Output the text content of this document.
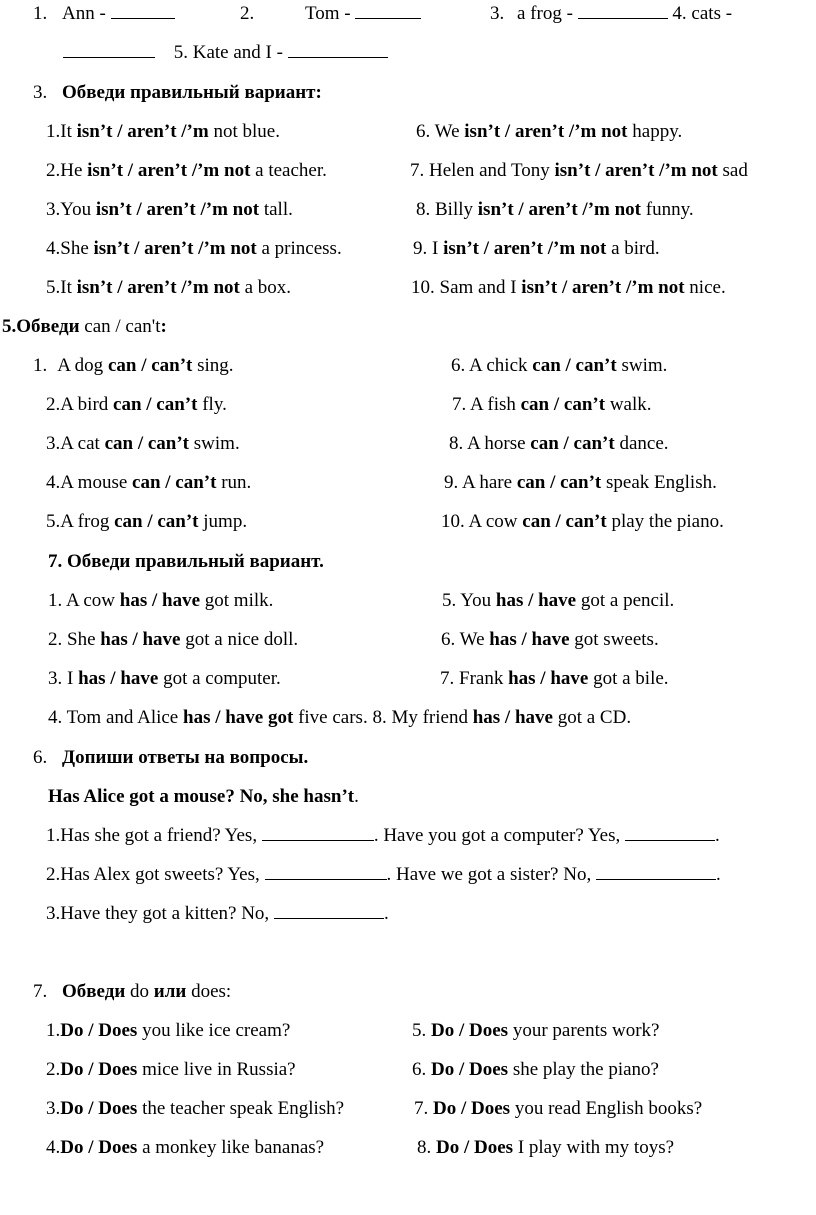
1. Ann -	2.	Tom -	3. a frog -	4. cats -
5. Kate and I -
3. Обведи правильный вариант:
1.It isn’t / aren’t /’m not blue.
2.He isn’t / aren’t /’m not a teacher.
3.You isn’t / aren’t /’m not tall.
4.She isn’t / aren’t /’m not a princess.
5.It isn’t / aren’t /’m not a box.
6. We isn’t / aren’t /’m not happy.
7. Helen and Tony isn’t / aren’t /’m not sad
8. Billy isn’t / aren’t /’m not funny.
9. I isn’t / aren’t /’m not a bird.
10. Sam and I isn’t / aren’t /’m not nice.
5.Обведи can / can't:
1. A dog can / can’t sing.
2.A bird can / can’t fly.
3.A cat can / can’t swim.
4.A mouse can / can’t run.
5.A frog can / can’t jump.
6. A chick can / can’t swim.
7. A fish can / can’t walk.
8. A horse can / can’t dance.
9. A hare can / can’t speak English.
10. A cow can / can’t play the piano.
7. Обведи правильный вариант.
1. A cow has / have got milk.	5. You has / have got a pencil.
2. She has / have got a nice doll.	6. We has / have got sweets.
3. I has / have got a computer.	7. Frank has / have got a bile.
4. Tom and Alice has / have got five cars. 8. My friend has / have got a CD.
6. Допиши ответы на вопросы.
Has Alice got a mouse? No, she hasn’t.
1.Has she got a friend? Yes,	. Have you got a computer? Yes,	.
2.Has Alex got sweets? Yes,	. Have we got a sister? No,	.
3.Have they got a kitten? No,	.
7. Обведи do или does:
1.Do / Does you like ice cream?
2.Do / Does mice live in Russia?
3.Do / Does the teacher speak English?
4.Do / Does a monkey like bananas?
5. Do / Does your parents work?
6. Do / Does she play the piano?
7. Do / Does you read English books?
8. Do / Does I play with my toys?
